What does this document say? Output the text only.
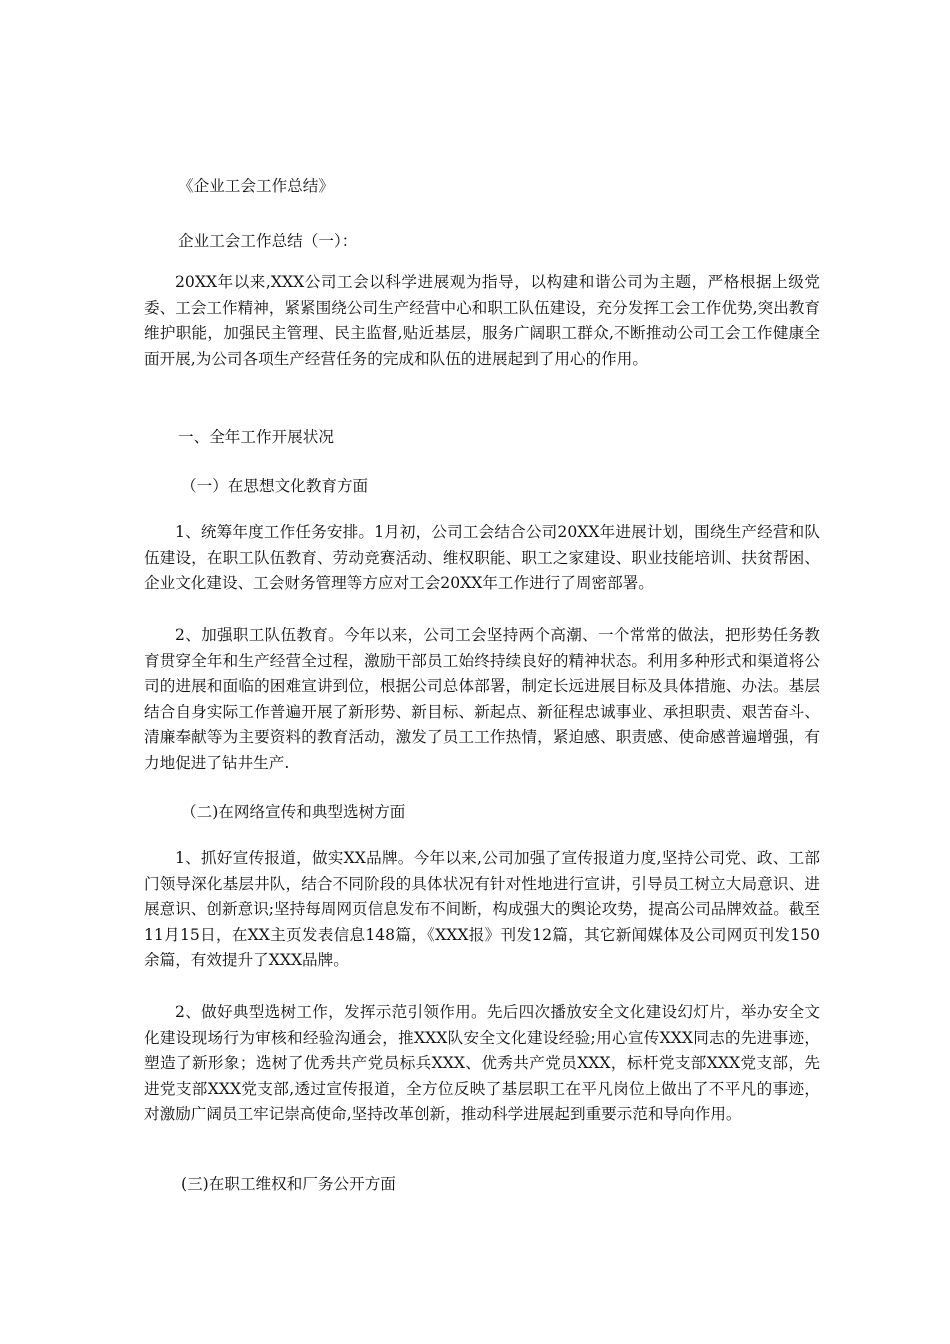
《企业工会工作总结》

企业工会工作总结（一）：

20XX年以来,XXX公司工会以科学进展观为指导，以构建和谐公司为主题，严格根据上级党委、工会工作精神，紧紧围绕公司生产经营中心和职工队伍建设，充分发挥工会工作优势,突出教育维护职能，加强民主管理、民主监督,贴近基层，服务广阔职工群众,不断推动公司工会工作健康全面开展,为公司各项生产经营任务的完成和队伍的进展起到了用心的作用。

一、全年工作开展状况

（一）在思想文化教育方面

1、统筹年度工作任务安排。1月初，公司工会结合公司20XX年进展计划，围绕生产经营和队伍建设，在职工队伍教育、劳动竞赛活动、维权职能、职工之家建设、职业技能培训、扶贫帮困、企业文化建设、工会财务管理等方应对工会20XX年工作进行了周密部署。

2、加强职工队伍教育。今年以来，公司工会坚持两个高潮、一个常常的做法，把形势任务教育贯穿全年和生产经营全过程，激励干部员工始终持续良好的精神状态。利用多种形式和渠道将公司的进展和面临的困难宣讲到位，根据公司总体部署，制定长远进展目标及具体措施、办法。基层结合自身实际工作普遍开展了新形势、新目标、新起点、新征程忠诚事业、承担职责、艰苦奋斗、清廉奉献等为主要资料的教育活动，激发了员工工作热情，紧迫感、职责感、使命感普遍增强，有力地促进了钻井生产.

（二)在网络宣传和典型选树方面

1、抓好宣传报道，做实XX品牌。今年以来,公司加强了宣传报道力度,坚持公司党、政、工部门领导深化基层井队，结合不同阶段的具体状况有针对性地进行宣讲，引导员工树立大局意识、进展意识、创新意识;坚持每周网页信息发布不间断，构成强大的舆论攻势，提高公司品牌效益。截至11月15日，在XX主页发表信息148篇，《XXX报》刊发12篇，其它新闻媒体及公司网页刊发150余篇，有效提升了XXX品牌。

2、做好典型选树工作，发挥示范引领作用。先后四次播放安全文化建设幻灯片，举办安全文化建设现场行为审核和经验沟通会，推XXX队安全文化建设经验;用心宣传XXX同志的先进事迹，塑造了新形象；选树了优秀共产党员标兵XXX、优秀共产党员XXX，标杆党支部XXX党支部，先进党支部XXX党支部,透过宣传报道，全方位反映了基层职工在平凡岗位上做出了不平凡的事迹，对激励广阔员工牢记崇高使命,坚持改革创新，推动科学进展起到重要示范和导向作用。

(三)在职工维权和厂务公开方面
